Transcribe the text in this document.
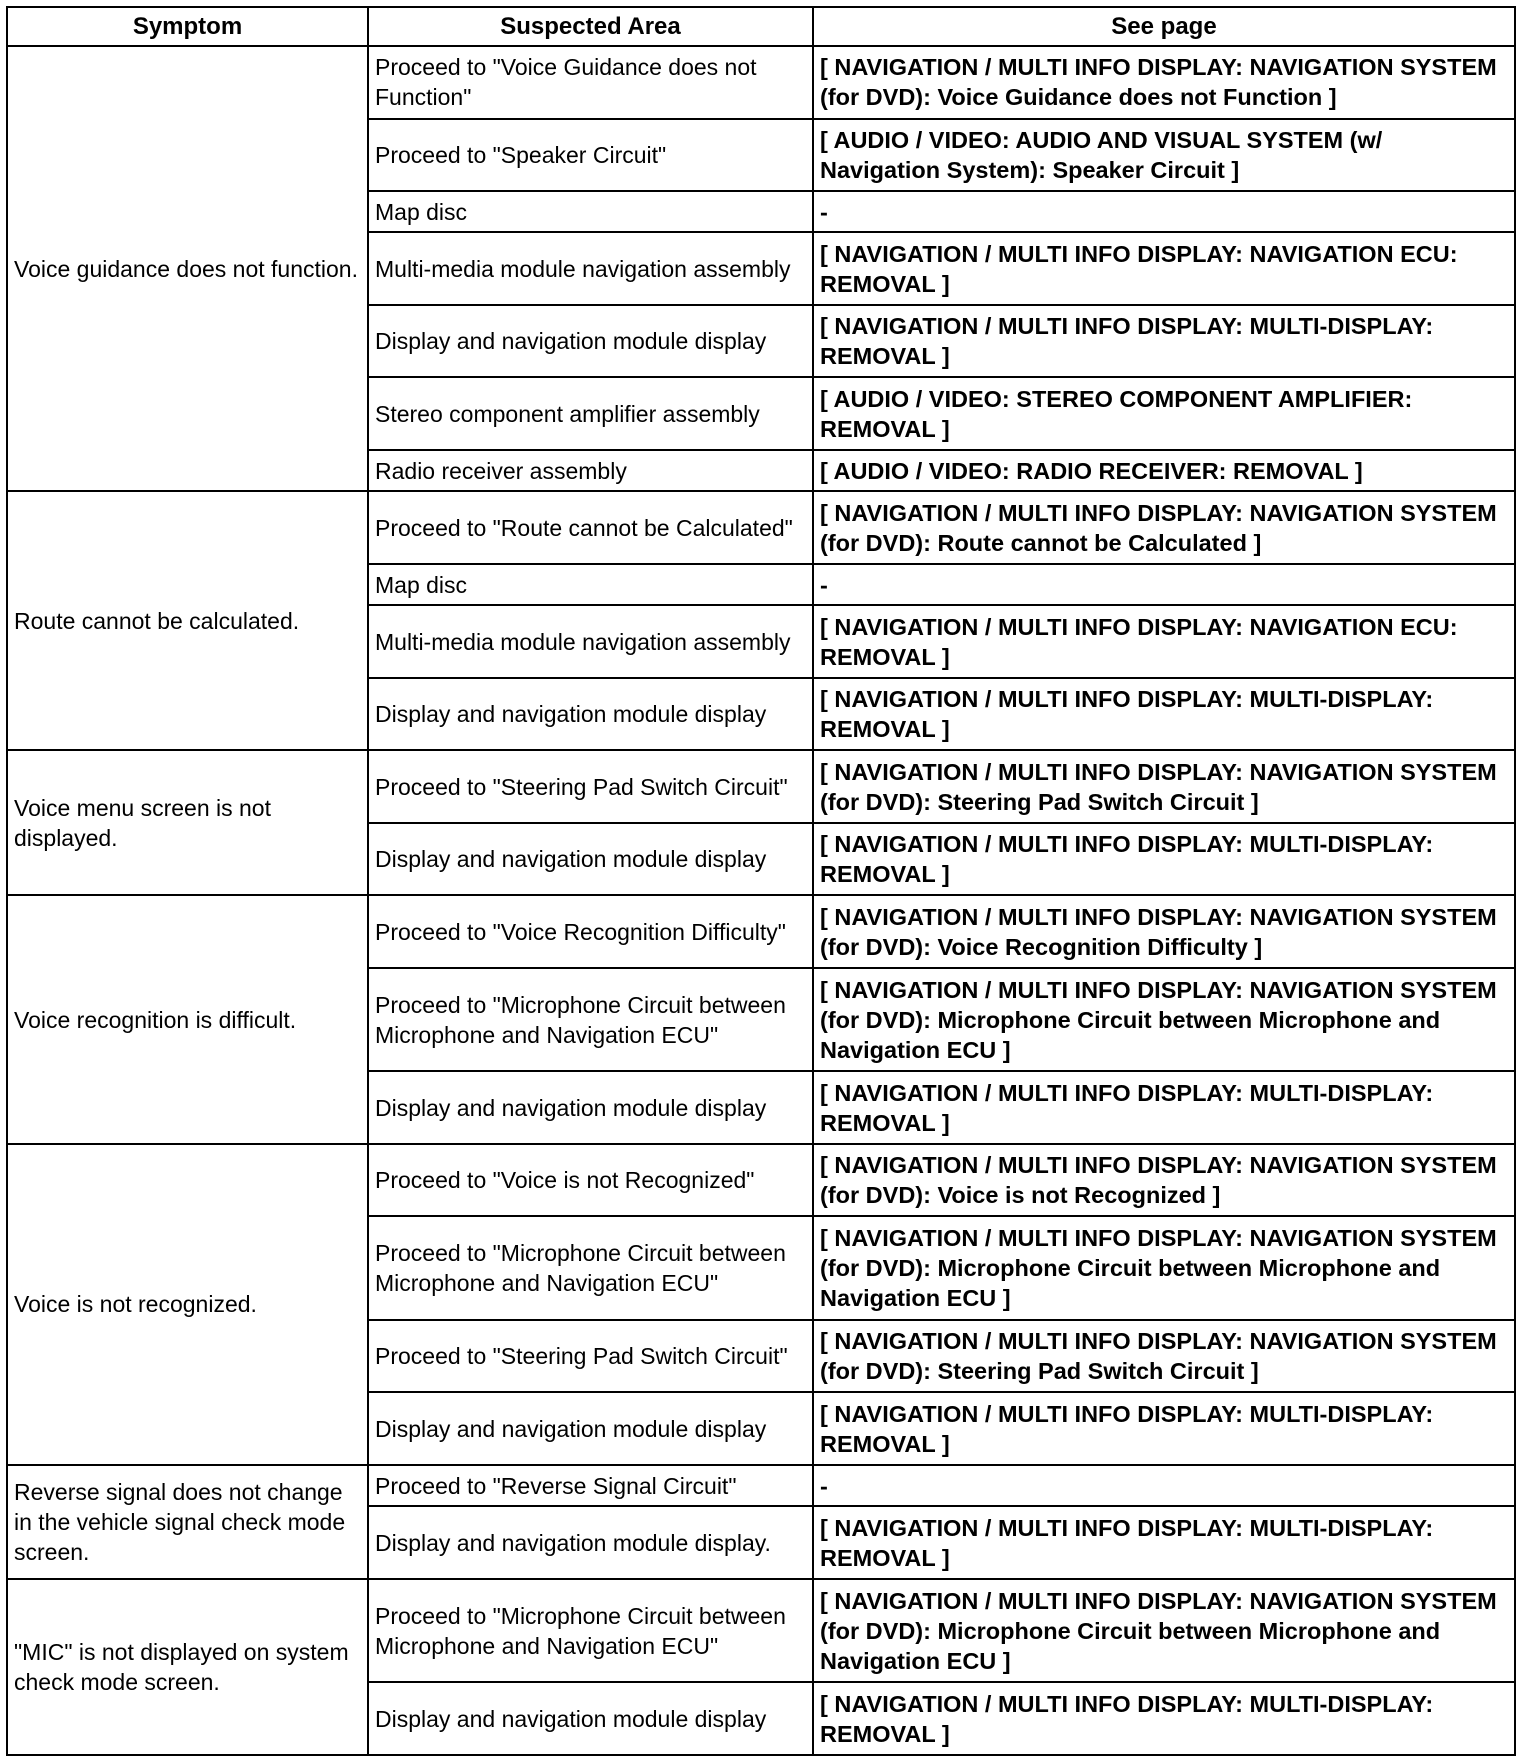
Symptom	Suspected Area	See page
Voice guidance does not function.	Proceed to "Voice Guidance does not Function"	[ NAVIGATION / MULTI INFO DISPLAY: NAVIGATION SYSTEM (for DVD): Voice Guidance does not Function ]
	Proceed to "Speaker Circuit"	[ AUDIO / VIDEO: AUDIO AND VISUAL SYSTEM (w/ Navigation System): Speaker Circuit ]
	Map disc	-
	Multi-media module navigation assembly	[ NAVIGATION / MULTI INFO DISPLAY: NAVIGATION ECU: REMOVAL ]
	Display and navigation module display	[ NAVIGATION / MULTI INFO DISPLAY: MULTI-DISPLAY: REMOVAL ]
	Stereo component amplifier assembly	[ AUDIO / VIDEO: STEREO COMPONENT AMPLIFIER: REMOVAL ]
	Radio receiver assembly	[ AUDIO / VIDEO: RADIO RECEIVER: REMOVAL ]
Route cannot be calculated.	Proceed to "Route cannot be Calculated"	[ NAVIGATION / MULTI INFO DISPLAY: NAVIGATION SYSTEM (for DVD): Route cannot be Calculated ]
	Map disc	-
	Multi-media module navigation assembly	[ NAVIGATION / MULTI INFO DISPLAY: NAVIGATION ECU: REMOVAL ]
	Display and navigation module display	[ NAVIGATION / MULTI INFO DISPLAY: MULTI-DISPLAY: REMOVAL ]
Voice menu screen is not displayed.	Proceed to "Steering Pad Switch Circuit"	[ NAVIGATION / MULTI INFO DISPLAY: NAVIGATION SYSTEM (for DVD): Steering Pad Switch Circuit ]
	Display and navigation module display	[ NAVIGATION / MULTI INFO DISPLAY: MULTI-DISPLAY: REMOVAL ]
Voice recognition is difficult.	Proceed to "Voice Recognition Difficulty"	[ NAVIGATION / MULTI INFO DISPLAY: NAVIGATION SYSTEM (for DVD): Voice Recognition Difficulty ]
	Proceed to "Microphone Circuit between Microphone and Navigation ECU"	[ NAVIGATION / MULTI INFO DISPLAY: NAVIGATION SYSTEM (for DVD): Microphone Circuit between Microphone and Navigation ECU ]
	Display and navigation module display	[ NAVIGATION / MULTI INFO DISPLAY: MULTI-DISPLAY: REMOVAL ]
Voice is not recognized.	Proceed to "Voice is not Recognized"	[ NAVIGATION / MULTI INFO DISPLAY: NAVIGATION SYSTEM (for DVD): Voice is not Recognized ]
	Proceed to "Microphone Circuit between Microphone and Navigation ECU"	[ NAVIGATION / MULTI INFO DISPLAY: NAVIGATION SYSTEM (for DVD): Microphone Circuit between Microphone and Navigation ECU ]
	Proceed to "Steering Pad Switch Circuit"	[ NAVIGATION / MULTI INFO DISPLAY: NAVIGATION SYSTEM (for DVD): Steering Pad Switch Circuit ]
	Display and navigation module display	[ NAVIGATION / MULTI INFO DISPLAY: MULTI-DISPLAY: REMOVAL ]
Reverse signal does not change in the vehicle signal check mode screen.	Proceed to "Reverse Signal Circuit"	-
	Display and navigation module display.	[ NAVIGATION / MULTI INFO DISPLAY: MULTI-DISPLAY: REMOVAL ]
"MIC" is not displayed on system check mode screen.	Proceed to "Microphone Circuit between Microphone and Navigation ECU"	[ NAVIGATION / MULTI INFO DISPLAY: NAVIGATION SYSTEM (for DVD): Microphone Circuit between Microphone and Navigation ECU ]
	Display and navigation module display	[ NAVIGATION / MULTI INFO DISPLAY: MULTI-DISPLAY: REMOVAL ]
